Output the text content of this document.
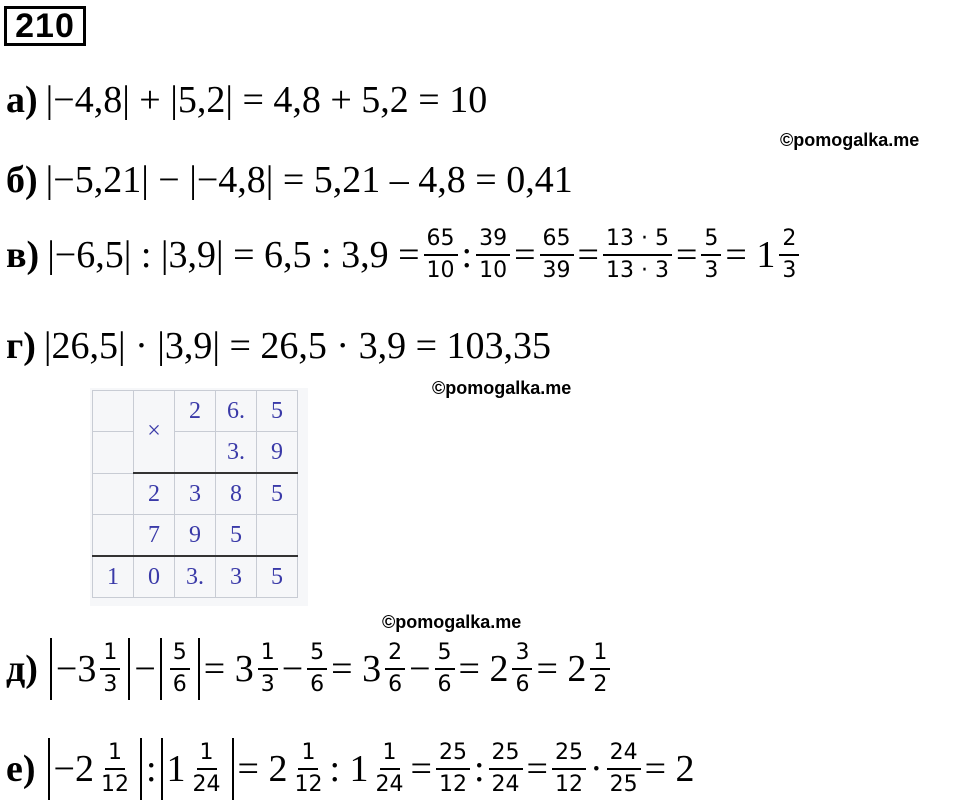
210
а) |−4,8| + |5,2| = 4,8 + 5,2 = 10
©pomogalka.me
б) |−5,21| − |−4,8| = 5,21 – 4,8 = 0,41
в) |−6,5| : |3,9| = 6,5 : $3,9 = \frac{65}{10}$ : $\frac{39}{10} = \frac{65}{39} = \frac{13 \cdot 5}{13 \cdot 3} = \frac{5}{3} = 1 \frac{2}{3}$
г) |26,5| · |3,9| = 26,5 · 3,9 = 103,35
©pomogalka.me
	×	2	6.	5
			3.	9
	2	3	8	5
	7	9	5	
1	0	3.	3	5
©pomogalka.me
$д) -3 \frac{1}{3} - \frac{5}{6} = 3 \frac{1}{3} - \frac{5}{6} = 3 \frac{2}{6} - \frac{5}{6} = 2 \frac{3}{6} = 2 \frac{1}{2}$
$е) -2 \frac{1}{12}$ : $1 \frac{1}{24} = 2 \frac{1}{12}$ : $1 \frac{1}{24} = \frac{25}{12}$ : $\frac{25}{24} = \frac{25}{12} \cdot \frac{24}{25} = 2$
